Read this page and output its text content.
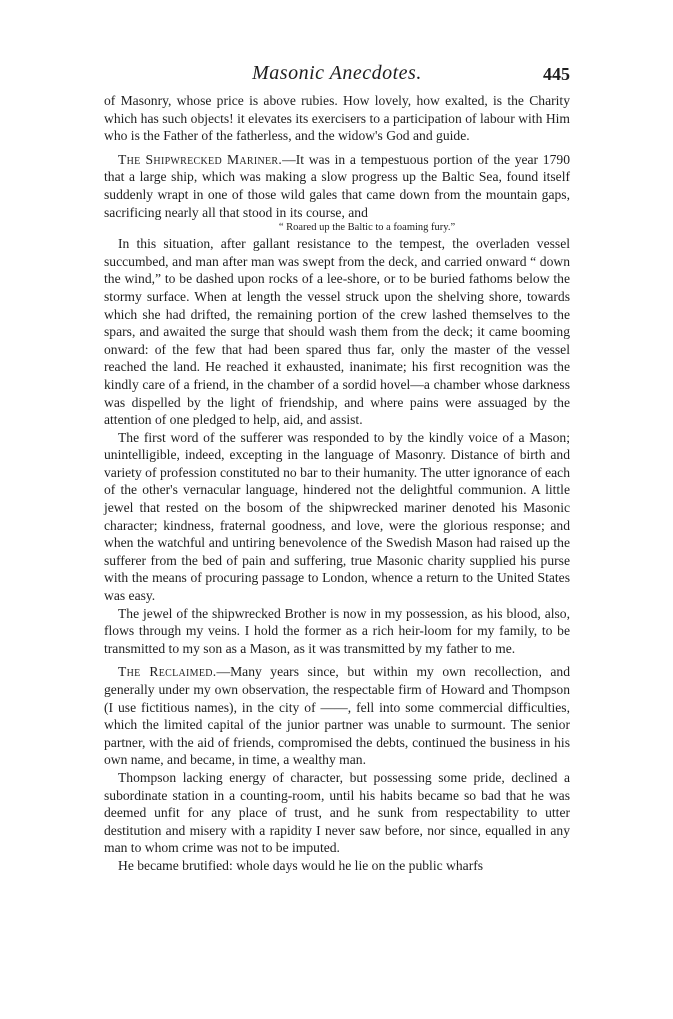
Masonic Anecdotes.	445

of Masonry, whose price is above rubies. How lovely, how exalted, is the Charity which has such objects! it elevates its exercisers to a participation of labour with Him who is the Father of the fatherless, and the widow's God and guide.

The Shipwrecked Mariner.—It was in a tempestuous portion of the year 1790 that a large ship, which was making a slow progress up the Baltic Sea, found itself suddenly wrapt in one of those wild gales that came down from the mountain gaps, sacrificing nearly all that stood in its course, and

“ Roared up the Baltic to a foaming fury.”

In this situation, after gallant resistance to the tempest, the overladen vessel succumbed, and man after man was swept from the deck, and carried onward “ down the wind,” to be dashed upon rocks of a lee-shore, or to be buried fathoms below the stormy surface. When at length the vessel struck upon the shelving shore, towards which she had drifted, the remaining portion of the crew lashed themselves to the spars, and awaited the surge that should wash them from the deck; it came booming onward: of the few that had been spared thus far, only the master of the vessel reached the land. He reached it exhausted, inanimate; his first recognition was the kindly care of a friend, in the chamber of a sordid hovel—a chamber whose darkness was dispelled by the light of friendship, and where pains were assuaged by the attention of one pledged to help, aid, and assist.

The first word of the sufferer was responded to by the kindly voice of a Mason; unintelligible, indeed, excepting in the language of Masonry. Distance of birth and variety of profession constituted no bar to their humanity. The utter ignorance of each of the other's vernacular language, hindered not the delightful communion. A little jewel that rested on the bosom of the shipwrecked mariner denoted his Masonic character; kindness, fraternal goodness, and love, were the glorious response; and when the watchful and untiring benevolence of the Swedish Mason had raised up the sufferer from the bed of pain and suffering, true Masonic charity supplied his purse with the means of procuring passage to London, whence a return to the United States was easy.

The jewel of the shipwrecked Brother is now in my possession, as his blood, also, flows through my veins. I hold the former as a rich heir-loom for my family, to be transmitted to my son as a Mason, as it was transmitted by my father to me.

The Reclaimed.—Many years since, but within my own recollection, and generally under my own observation, the respectable firm of Howard and Thompson (I use fictitious names), in the city of ——, fell into some commercial difficulties, which the limited capital of the junior partner was unable to surmount. The senior partner, with the aid of friends, compromised the debts, continued the business in his own name, and became, in time, a wealthy man.

Thompson lacking energy of character, but possessing some pride, declined a subordinate station in a counting-room, until his habits became so bad that he was deemed unfit for any place of trust, and he sunk from respectability to utter destitution and misery with a rapidity I never saw before, nor since, equalled in any man to whom crime was not to be imputed.

He became brutified: whole days would he lie on the public wharfs
